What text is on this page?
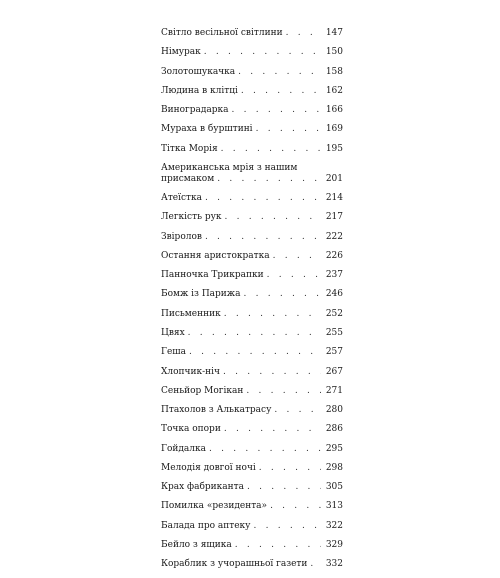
Світло весільної світлини . . .	147
Німурак . . .	150
Золотошукачка . . .	158
Людина в клітці . . .	162
Виноградарка . . .	166
Мураха в бурштині . . .	169
Тітка Морія . . .	195
Американська мрія з нашим
присмаком . . .	201
Атеїстка . . .	214
Легкість рук . . .	217
Звіролов . . .	222
Остання аристократка . . .	226
Панночка Трикрапки . . .	237
Бомж із Парижа . . .	246
Письменник . . .	252
Цвях . . .	255
Геша . . .	257
Хлопчик-ніч . . .	267
Сеньйор Могікан . . .	271
Птахолов з Алькатрасу . . .	280
Точка опори . . .	286
Гойдалка . . .	295
Мелодія довгої ночі . . .	298
Крах фабриканта . . .	305
Помилка «резидента» . . .	313
Балада про аптеку . . .	322
Бейло з ящика . . .	329
Кораблик з учорашньої газети . . . 332
